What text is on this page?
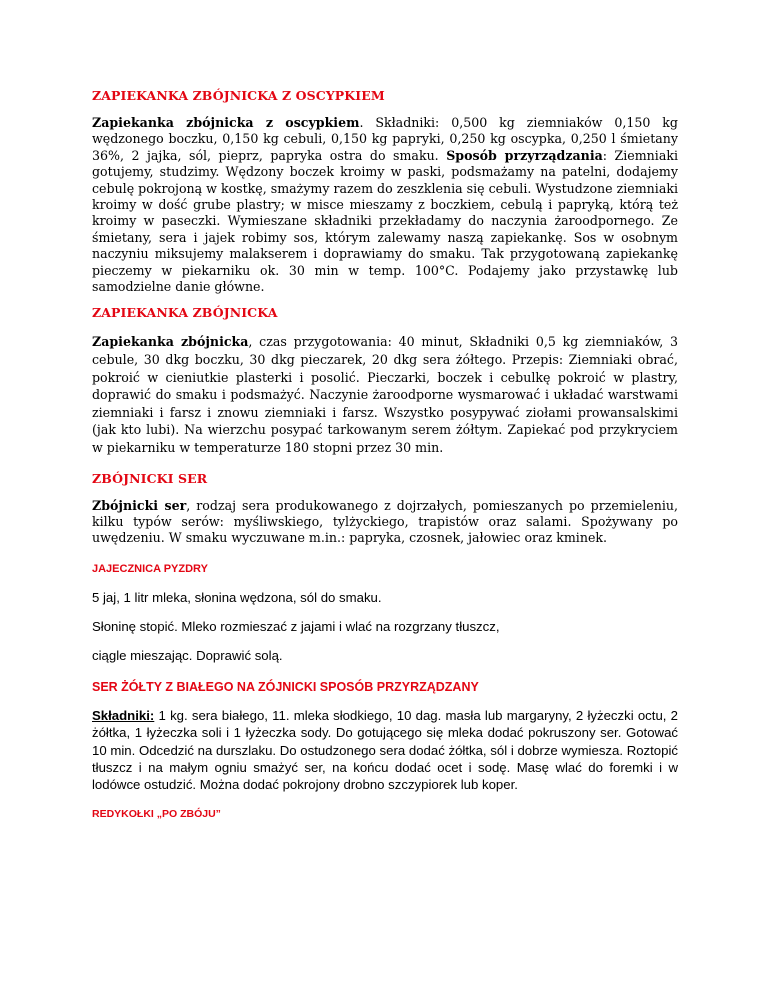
ZAPIEKANKA ZBÓJNICKA Z OSCYPKIEM

Zapiekanka zbójnicka z oscypkiem. Składniki: 0,500 kg ziemniaków 0,150 kg wędzonego boczku, 0,150 kg cebuli, 0,150 kg papryki, 0,250 kg oscypka, 0,250 l śmietany 36%, 2 jajka, sól, pieprz, papryka ostra do smaku. Sposób przyrządzania: Ziemniaki gotujemy, studzimy. Wędzony boczek kroimy w paski, podsmażamy na patelni, dodajemy cebulę pokrojoną w kostkę, smażymy razem do zeszklenia się cebuli. Wystudzone ziemniaki kroimy w dość grube plastry; w misce mieszamy z boczkiem, cebulą i papryką, którą też kroimy w paseczki. Wymieszane składniki przekładamy do naczynia żaroodpornego. Ze śmietany, sera i jajek robimy sos, którym zalewamy naszą zapiekankę. Sos w osobnym naczyniu miksujemy malakserem i doprawiamy do smaku. Tak przygotowaną zapiekankę pieczemy w piekarniku ok. 30 min w temp. 100°C. Podajemy jako przystawkę lub samodzielne danie główne.

ZAPIEKANKA ZBÓJNICKA

Zapiekanka zbójnicka, czas przygotowania: 40 minut, Składniki 0,5 kg ziemniaków, 3 cebule, 30 dkg boczku, 30 dkg pieczarek, 20 dkg sera żółtego. Przepis: Ziemniaki obrać, pokroić w cieniutkie plasterki i posolić. Pieczarki, boczek i cebulkę pokroić w plastry, doprawić do smaku i podsmażyć. Naczynie żaroodporne wysmarować i układać warstwami ziemniaki i farsz i znowu ziemniaki i farsz. Wszystko posypywać ziołami prowansalskimi (jak kto lubi). Na wierzchu posypać tarkowanym serem żółtym. Zapiekać pod przykryciem w piekarniku w temperaturze 180 stopni przez 30 min.

ZBÓJNICKI SER

Zbójnicki ser, rodzaj sera produkowanego z dojrzałych, pomieszanych po przemieleniu, kilku typów serów: myśliwskiego, tylżyckiego, trapistów oraz salami. Spożywany po uwędzeniu. W smaku wyczuwane m.in.: papryka, czosnek, jałowiec oraz kminek.

JAJECZNICA PYZDRY

5 jaj, 1 litr mleka, słonina wędzona, sól do smaku.

Słoninę stopić. Mleko rozmieszać z jajami i wlać na rozgrzany tłuszcz,

ciągle mieszając. Doprawić solą.

SER ŻÓŁTY Z BIAŁEGO NA ZÓJNICKI SPOSÓB PRZYRZĄDZANY

Składniki: 1 kg. sera białego, 11. mleka słodkiego, 10 dag. masła lub margaryny, 2 łyżeczki octu, 2 żółtka, 1 łyżeczka soli i 1 łyżeczka sody. Do gotującego się mleka dodać pokruszony ser. Gotować 10 min. Odcedzić na durszlaku. Do ostudzonego sera dodać żółtka, sól i dobrze wymiesza. Roztopić tłuszcz i na małym ogniu smażyć ser, na końcu dodać ocet i sodę. Masę wlać do foremki i w lodówce ostudzić. Można dodać pokrojony drobno szczypiorek lub koper.

REDYKOŁKI „PO ZBÓJU”
